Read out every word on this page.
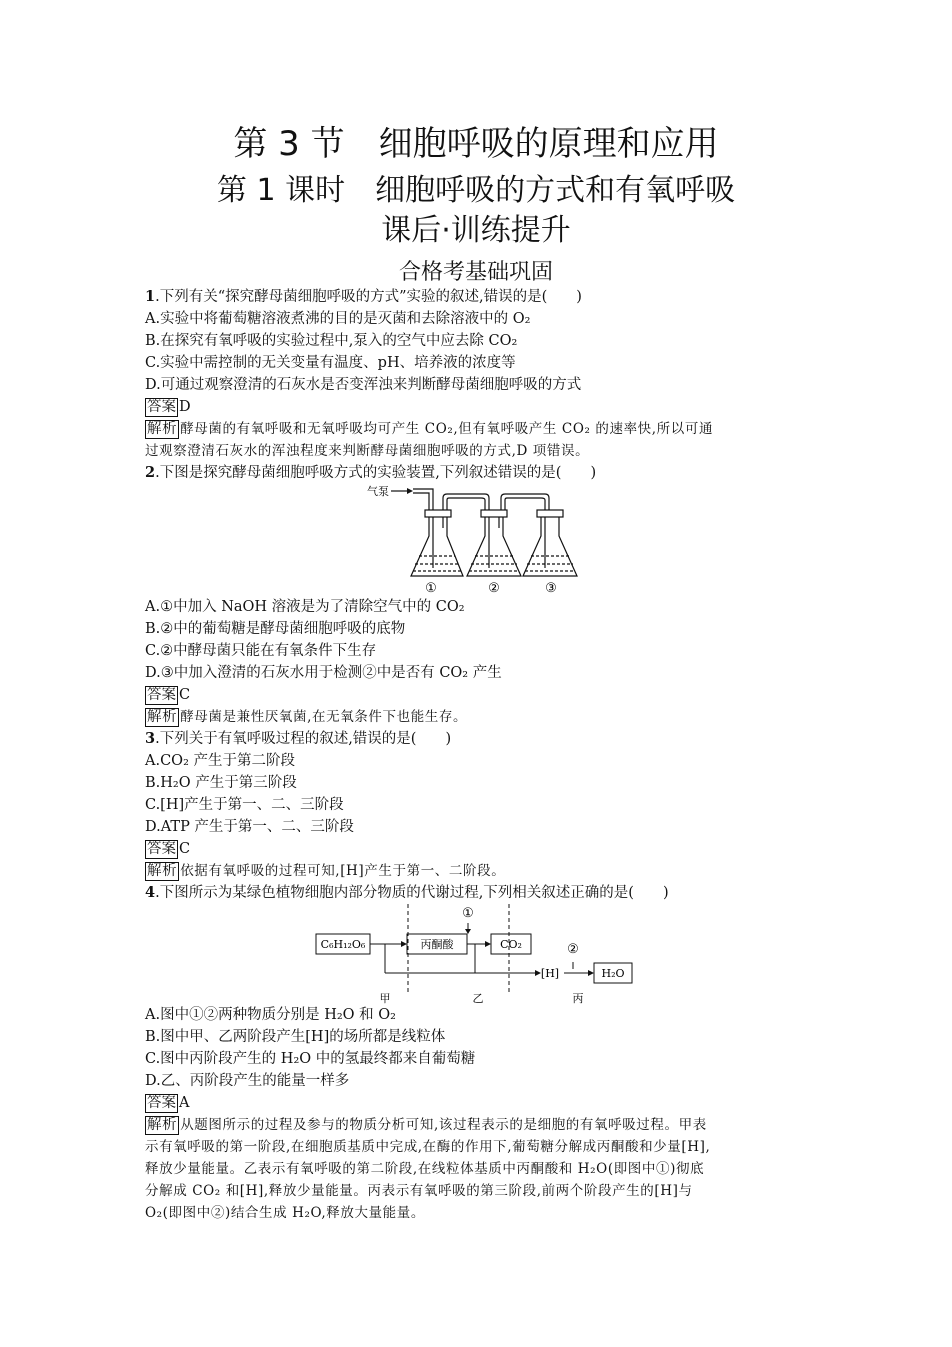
第 3 节　细胞呼吸的原理和应用
第 1 课时　细胞呼吸的方式和有氧呼吸
课后·训练提升
合格考基础巩固
1.下列有关“探究酵母菌细胞呼吸的方式”实验的叙述,错误的是(　　)
A.实验中将葡萄糖溶液煮沸的目的是灭菌和去除溶液中的 O₂
B.在探究有氧呼吸的实验过程中,泵入的空气中应去除 CO₂
C.实验中需控制的无关变量有温度、pH、培养液的浓度等
D.可通过观察澄清的石灰水是否变浑浊来判断酵母菌细胞呼吸的方式
答案 D
解析 酵母菌的有氧呼吸和无氧呼吸均可产生 CO₂,但有氧呼吸产生 CO₂ 的速率快,所以可通
过观察澄清石灰水的浑浊程度来判断酵母菌细胞呼吸的方式,D 项错误。
2.下图是探究酵母菌细胞呼吸方式的实验装置,下列叙述错误的是(　　)
气泵
①	②	③
A.①中加入 NaOH 溶液是为了清除空气中的 CO₂
B.②中的葡萄糖是酵母菌细胞呼吸的底物
C.②中酵母菌只能在有氧条件下生存
D.③中加入澄清的石灰水用于检测②中是否有 CO₂ 产生
答案 C
解析 酵母菌是兼性厌氧菌,在无氧条件下也能生存。
3.下列关于有氧呼吸过程的叙述,错误的是(　　)
A.CO₂ 产生于第二阶段
B.H₂O 产生于第三阶段
C.[H]产生于第一、二、三阶段
D.ATP 产生于第一、二、三阶段
答案 C
解析 依据有氧呼吸的过程可知,[H]产生于第一、二阶段。
4.下图所示为某绿色植物细胞内部分物质的代谢过程,下列相关叙述正确的是(　　)
①
②
C₆H₁₂O₆	丙酮酸	CO₂
[H]	H₂O
甲	乙	丙
A.图中①②两种物质分别是 H₂O 和 O₂
B.图中甲、乙两阶段产生[H]的场所都是线粒体
C.图中丙阶段产生的 H₂O 中的氢最终都来自葡萄糖
D.乙、丙阶段产生的能量一样多
答案 A
解析 从题图所示的过程及参与的物质分析可知,该过程表示的是细胞的有氧呼吸过程。甲表
示有氧呼吸的第一阶段,在细胞质基质中完成,在酶的作用下,葡萄糖分解成丙酮酸和少量[H],
释放少量能量。乙表示有氧呼吸的第二阶段,在线粒体基质中丙酮酸和 H₂O(即图中①)彻底
分解成 CO₂ 和[H],释放少量能量。丙表示有氧呼吸的第三阶段,前两个阶段产生的[H]与
O₂(即图中②)结合生成 H₂O,释放大量能量。
